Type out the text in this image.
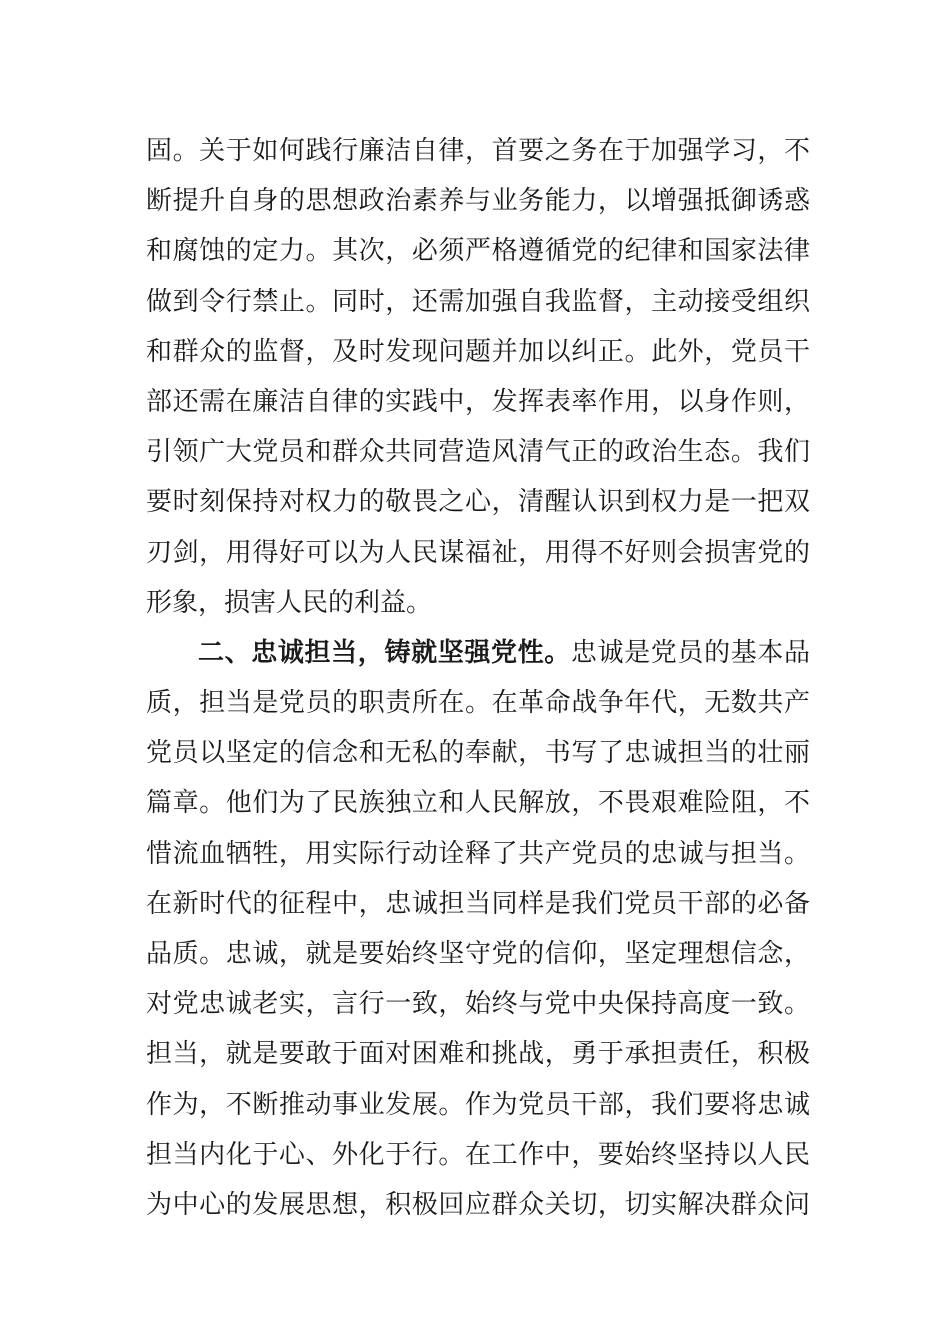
固。关于如何践行廉洁自律，首要之务在于加强学习，不
断提升自身的思想政治素养与业务能力，以增强抵御诱惑
和腐蚀的定力。其次，必须严格遵循党的纪律和国家法律
做到令行禁止。同时，还需加强自我监督，主动接受组织
和群众的监督，及时发现问题并加以纠正。此外，党员干
部还需在廉洁自律的实践中，发挥表率作用，以身作则，
引领广大党员和群众共同营造风清气正的政治生态。我们
要时刻保持对权力的敬畏之心，清醒认识到权力是一把双
刃剑，用得好可以为人民谋福祉，用得不好则会损害党的
形象，损害人民的利益。
二、忠诚担当，铸就坚强党性。忠诚是党员的基本品
质，担当是党员的职责所在。在革命战争年代，无数共产
党员以坚定的信念和无私的奉献，书写了忠诚担当的壮丽
篇章。他们为了民族独立和人民解放，不畏艰难险阻，不
惜流血牺牲，用实际行动诠释了共产党员的忠诚与担当。
在新时代的征程中，忠诚担当同样是我们党员干部的必备
品质。忠诚，就是要始终坚守党的信仰，坚定理想信念，
对党忠诚老实，言行一致，始终与党中央保持高度一致。
担当，就是要敢于面对困难和挑战，勇于承担责任，积极
作为，不断推动事业发展。作为党员干部，我们要将忠诚
担当内化于心、外化于行。在工作中，要始终坚持以人民
为中心的发展思想，积极回应群众关切，切实解决群众问
